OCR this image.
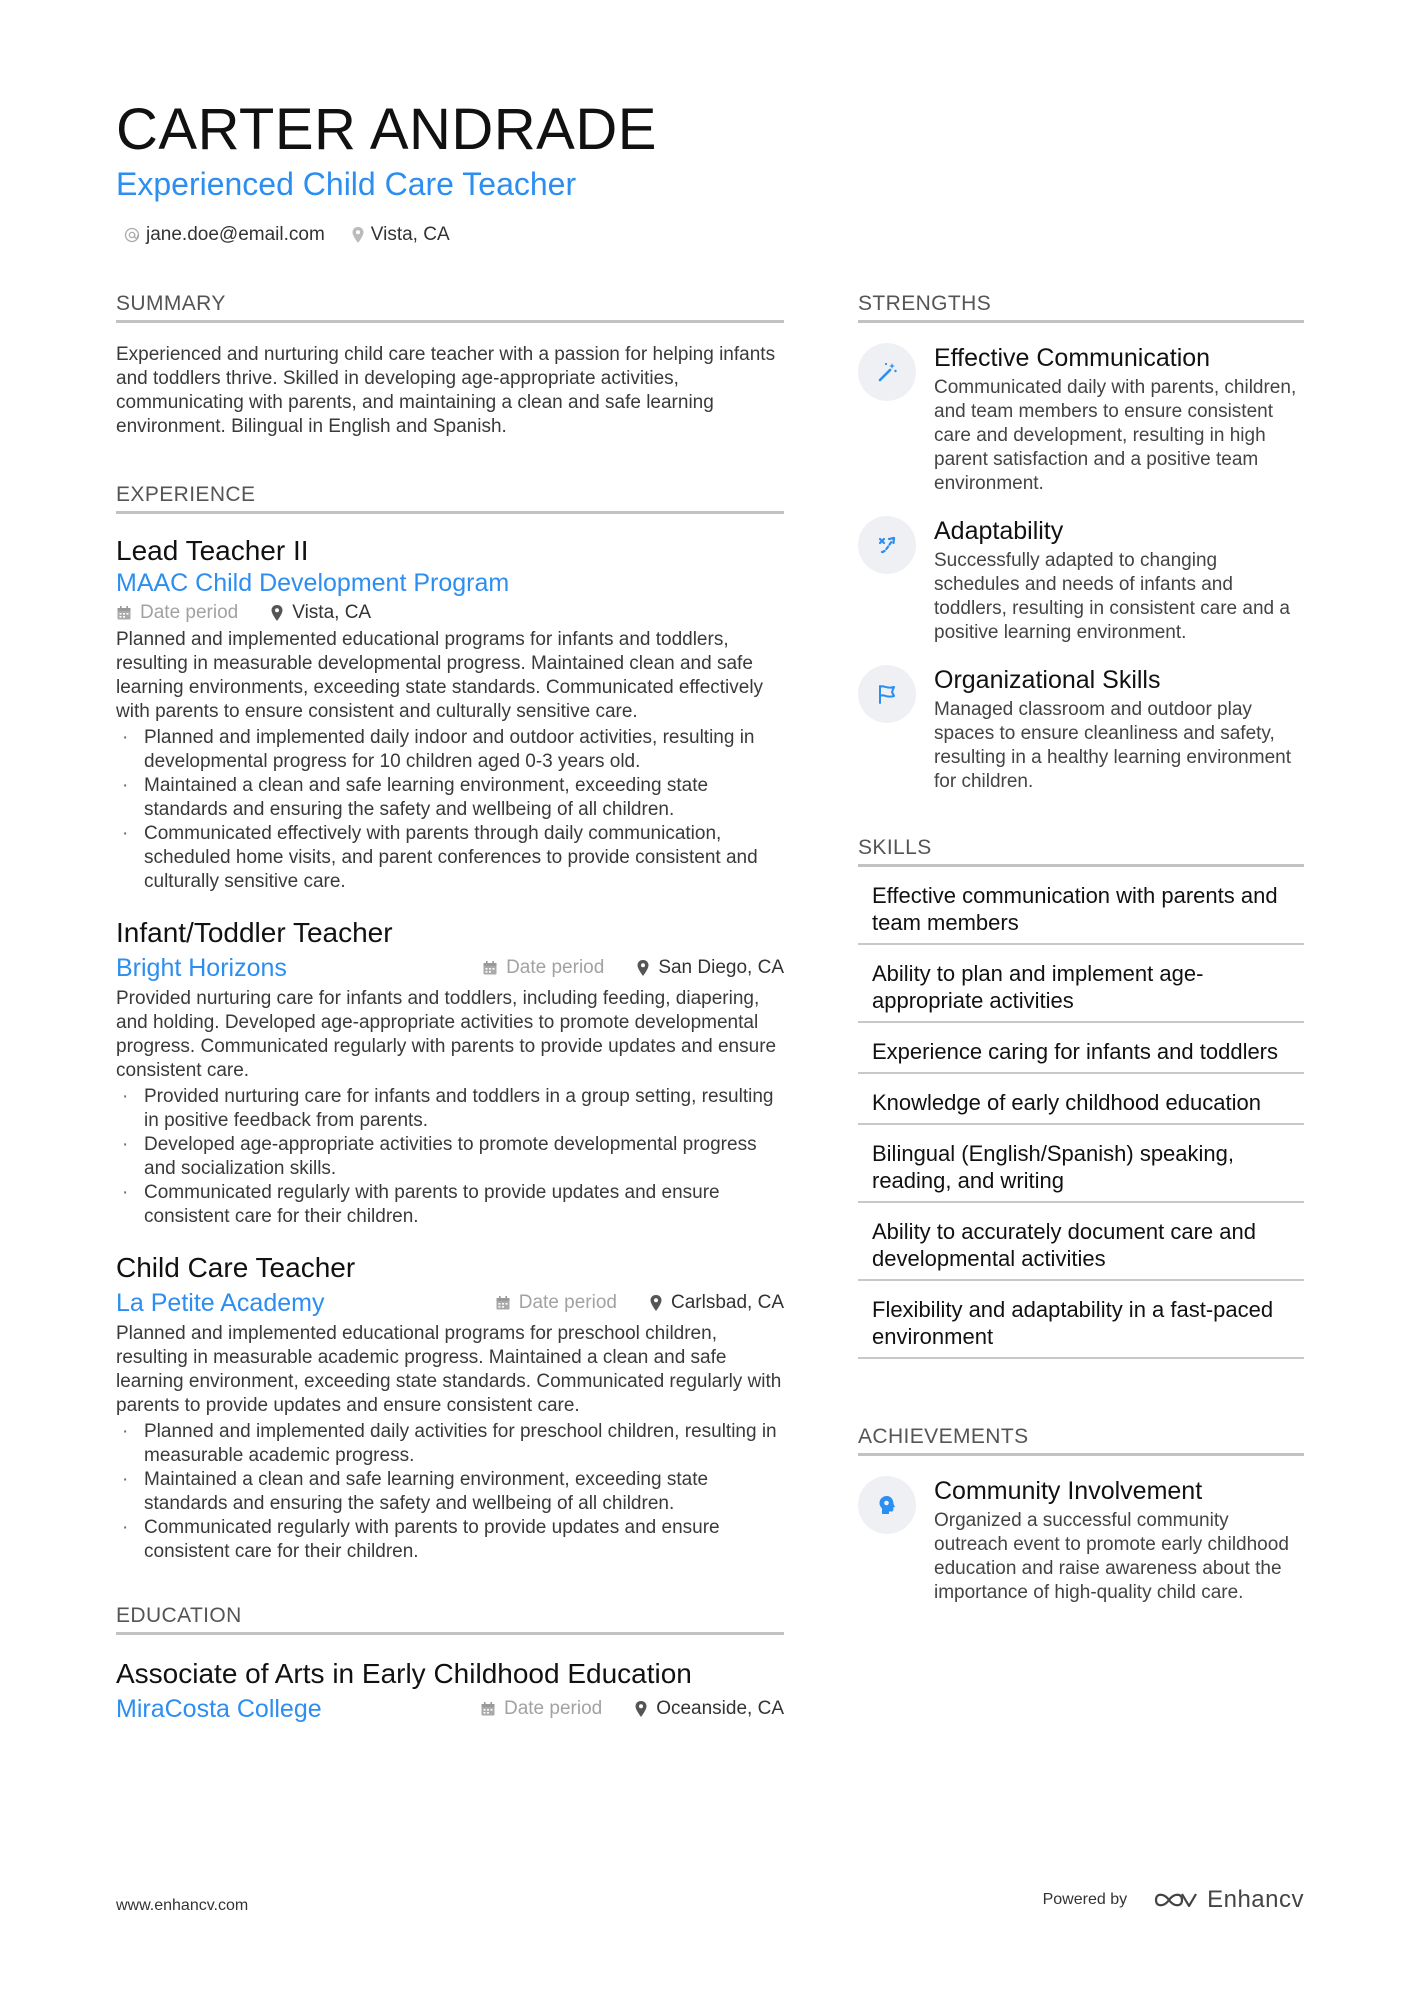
CARTER ANDRADE
Experienced Child Care Teacher
jane.doe@email.com Vista, CA
SUMMARY
Experienced and nurturing child care teacher with a passion for helping infants and toddlers thrive. Skilled in developing age-appropriate activities, communicating with parents, and maintaining a clean and safe learning environment. Bilingual in English and Spanish.
EXPERIENCE
Lead Teacher II
MAAC Child Development Program
Date period	Vista, CA
Planned and implemented educational programs for infants and toddlers, resulting in measurable developmental progress. Maintained clean and safe learning environments, exceeding state standards. Communicated effectively with parents to ensure consistent and culturally sensitive care.
· Planned and implemented daily indoor and outdoor activities, resulting in developmental progress for 10 children aged 0-3 years old.
· Maintained a clean and safe learning environment, exceeding state standards and ensuring the safety and wellbeing of all children.
· Communicated effectively with parents through daily communication, scheduled home visits, and parent conferences to provide consistent and culturally sensitive care.
Infant/Toddler Teacher
Bright Horizons	Date period	San Diego, CA
Provided nurturing care for infants and toddlers, including feeding, diapering, and holding. Developed age-appropriate activities to promote developmental progress. Communicated regularly with parents to provide updates and ensure consistent care.
· Provided nurturing care for infants and toddlers in a group setting, resulting in positive feedback from parents.
· Developed age-appropriate activities to promote developmental progress and socialization skills.
· Communicated regularly with parents to provide updates and ensure consistent care for their children.
Child Care Teacher
La Petite Academy	Date period	Carlsbad, CA
Planned and implemented educational programs for preschool children, resulting in measurable academic progress. Maintained a clean and safe learning environment, exceeding state standards. Communicated regularly with parents to provide updates and ensure consistent care.
· Planned and implemented daily activities for preschool children, resulting in measurable academic progress.
· Maintained a clean and safe learning environment, exceeding state standards and ensuring the safety and wellbeing of all children.
· Communicated regularly with parents to provide updates and ensure consistent care for their children.
EDUCATION
Associate of Arts in Early Childhood Education
MiraCosta College	Date period	Oceanside, CA
STRENGTHS
Effective Communication
Communicated daily with parents, children, and team members to ensure consistent care and development, resulting in high parent satisfaction and a positive team environment.
Adaptability
Successfully adapted to changing schedules and needs of infants and toddlers, resulting in consistent care and a positive learning environment.
Organizational Skills
Managed classroom and outdoor play spaces to ensure cleanliness and safety, resulting in a healthy learning environment for children.
SKILLS
Effective communication with parents and team members
Ability to plan and implement age-appropriate activities
Experience caring for infants and toddlers
Knowledge of early childhood education
Bilingual (English/Spanish) speaking, reading, and writing
Ability to accurately document care and developmental activities
Flexibility and adaptability in a fast-paced environment
ACHIEVEMENTS
Community Involvement
Organized a successful community outreach event to promote early childhood education and raise awareness about the importance of high-quality child care.
www.enhancv.com	Powered by	Enhancv
